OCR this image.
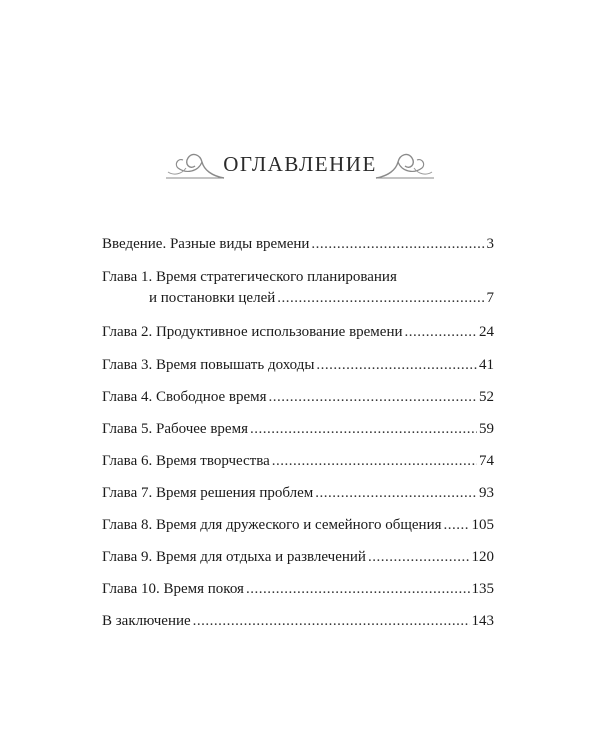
ОГЛАВЛЕНИЕ
Введение. Разные виды времени .....	3
Глава 1. Время стратегического планирования
и постановки целей .....	7
Глава 2. Продуктивное использование времени .....	24
Глава 3. Время повышать доходы .....	41
Глава 4. Свободное время .....	52
Глава 5. Рабочее время .....	59
Глава 6. Время творчества .....	74
Глава 7. Время решения проблем .....	93
Глава 8. Время для дружеского и семейного общения ..... 105
Глава 9. Время для отдыха и развлечений .....	120
Глава 10. Время покоя .....	135
В заключение .....	143
